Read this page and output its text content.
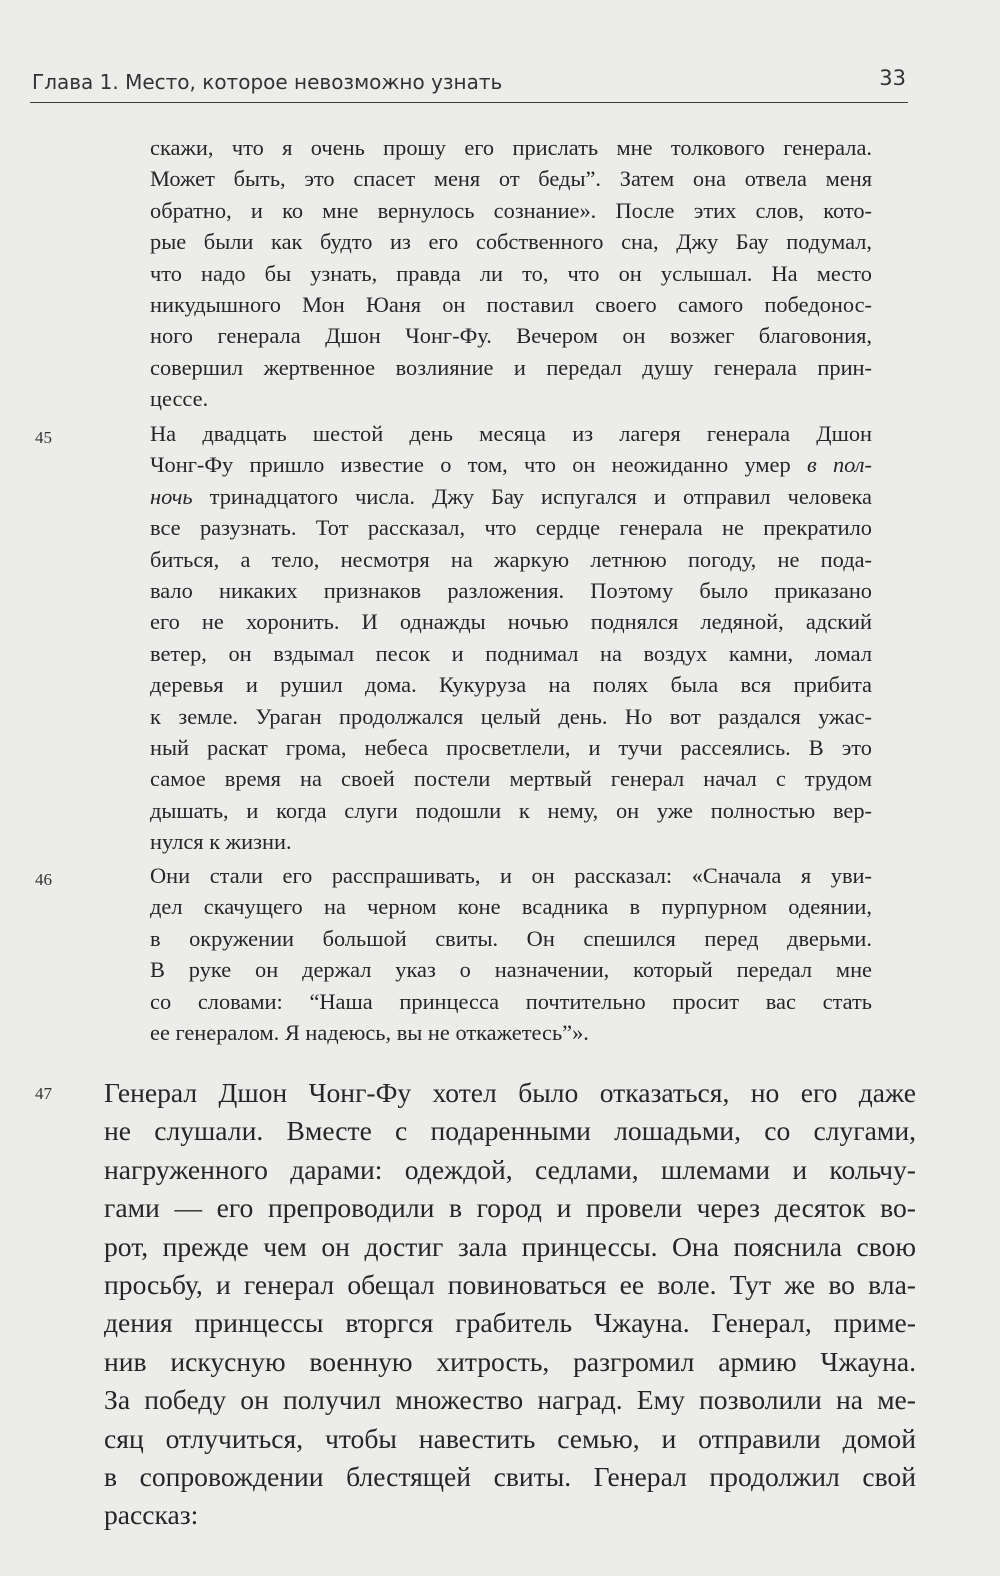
Глава 1. Место, которое невозможно узнать	33

скажи, что я очень прошу его прислать мне толкового генерала.

Может быть, это спасет меня от беды”. Затем она отвела меня

обратно, и ко мне вернулось сознание». После этих слов, кото-

рые были как будто из его собственного сна, Джу Бау подумал,

что надо бы узнать, правда ли то, что он услышал. На место

никудышного Мон Юаня он поставил своего самого победонос-

ного генерала Дшон Чонг-Фу. Вечером он возжег благовония,

совершил жертвенное возлияние и передал душу генерала прин-

цессе.

45	На двадцать шестой день месяца из лагеря генерала Дшон

Чонг-Фу пришло известие о том, что он неожиданно умер в пол-

ночь тринадцатого числа. Джу Бау испугался и отправил человека

все разузнать. Тот рассказал, что сердце генерала не прекратило

биться, а тело, несмотря на жаркую летнюю погоду, не пода-

вало никаких признаков разложения. Поэтому было приказано

его не хоронить. И однажды ночью поднялся ледяной, адский

ветер, он вздымал песок и поднимал на воздух камни, ломал

деревья и рушил дома. Кукуруза на полях была вся прибита

к земле. Ураган продолжался целый день. Но вот раздался ужас-

ный раскат грома, небеса просветлели, и тучи рассеялись. В это

самое время на своей постели мертвый генерал начал с трудом

дышать, и когда слуги подошли к нему, он уже полностью вер-

нулся к жизни.

46	Они стали его расспрашивать, и он рассказал: «Сначала я уви-

дел скачущего на черном коне всадника в пурпурном одеянии,

в окружении большой свиты. Он спешился перед дверьми.

В руке он держал указ о назначении, который передал мне

со словами: “Наша принцесса почтительно просит вас стать

ее генералом. Я надеюсь, вы не откажетесь”».

47 Генерал Дшон Чонг-Фу хотел было отказаться, но его даже

не слушали. Вместе с подаренными лошадьми, со слугами,

нагруженного дарами: одеждой, седлами, шлемами и кольчу-

гами — его препроводили в город и провели через десяток во-

рот, прежде чем он достиг зала принцессы. Она пояснила свою

просьбу, и генерал обещал повиноваться ее воле. Тут же во вла-

дения принцессы вторгся грабитель Чжауна. Генерал, приме-

нив искусную военную хитрость, разгромил армию Чжауна.

За победу он получил множество наград. Ему позволили на ме-

сяц отлучиться, чтобы навестить семью, и отправили домой

в сопровождении блестящей свиты. Генерал продолжил свой

рассказ:
